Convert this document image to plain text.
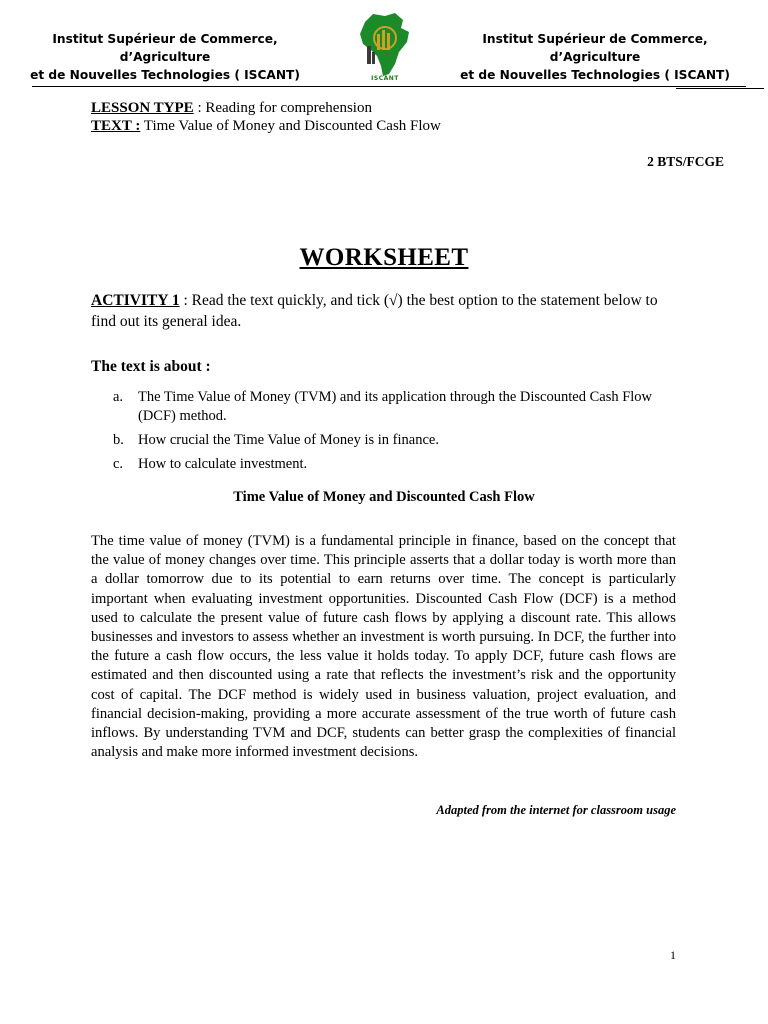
Institut Supérieur de Commerce, d’Agriculture
et de Nouvelles Technologies ( ISCANT)	ISCANT
Institut Supérieur de Commerce, d’Agriculture
et de Nouvelles Technologies ( ISCANT)
LESSON TYPE : Reading for comprehension
TEXT : Time Value of Money and Discounted Cash Flow
2 BTS/FCGE
WORKSHEET
ACTIVITY 1 : Read the text quickly, and tick (√) the best option to the statement below to find out its general idea.
The text is about :
a. The Time Value of Money (TVM) and its application through the Discounted Cash Flow (DCF) method.
b. How crucial the Time Value of Money is in finance.
c. How to calculate investment.
Time Value of Money and Discounted Cash Flow

The time value of money (TVM) is a fundamental principle in finance, based on the concept that the value of money changes over time. This principle asserts that a dollar today is worth more than a dollar tomorrow due to its potential to earn returns over time. The concept is particularly important when evaluating investment opportunities. Discounted Cash Flow (DCF) is a method used to calculate the present value of future cash flows by applying a discount rate. This allows businesses and investors to assess whether an investment is worth pursuing. In DCF, the further into the future a cash flow occurs, the less value it holds today. To apply DCF, future cash flows are estimated and then discounted using a rate that reflects the investment’s risk and the opportunity cost of capital. The DCF method is widely used in business valuation, project evaluation, and financial decision-making, providing a more accurate assessment of the true worth of future cash inflows. By understanding TVM and DCF, students can better grasp the complexities of financial analysis and make more informed investment decisions.

Adapted from the internet for classroom usage
1
